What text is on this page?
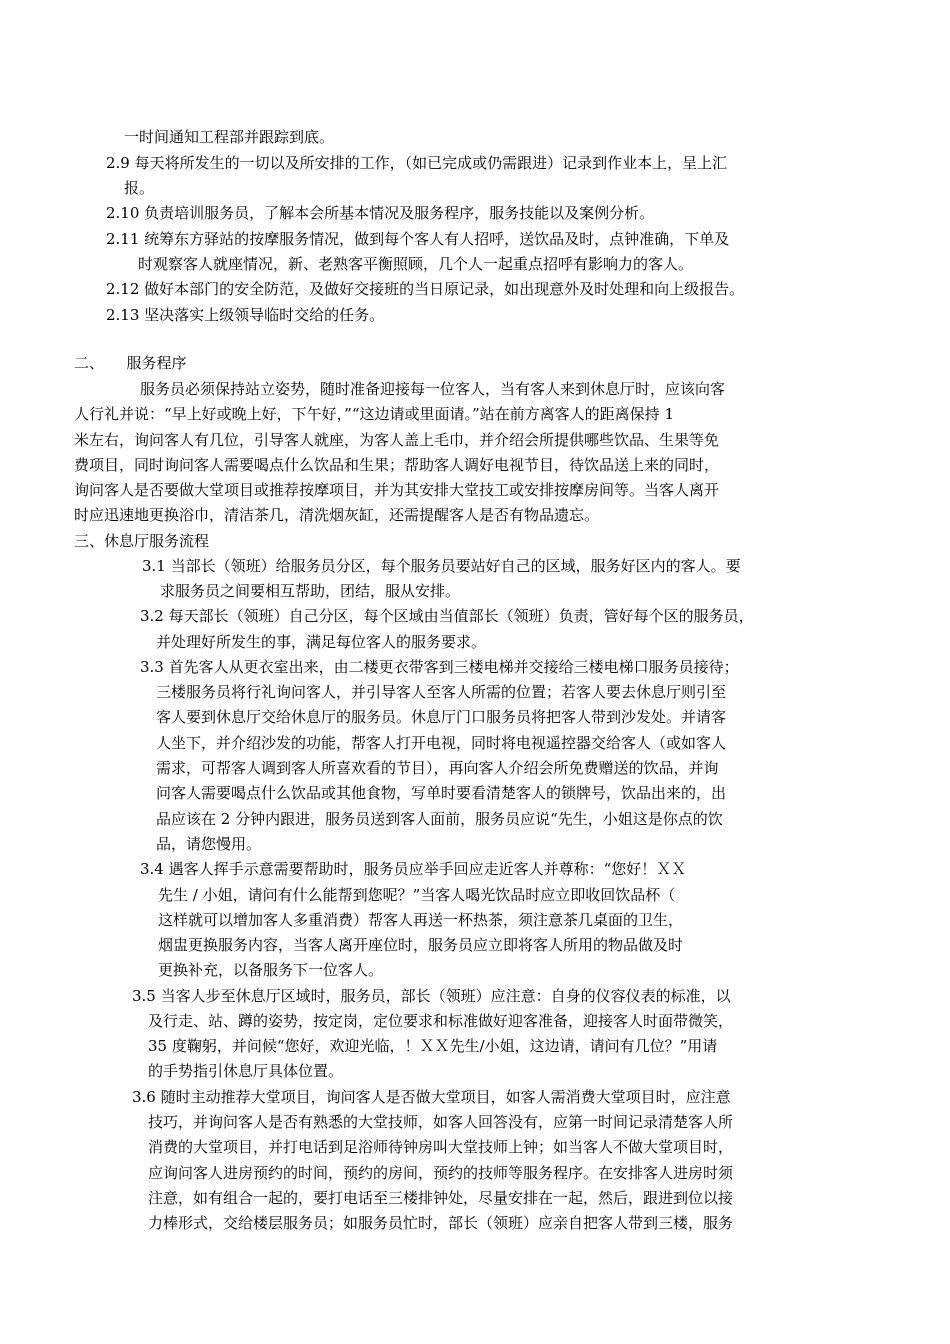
一时间通知工程部并跟踪到底。
2.9 每天将所发生的一切以及所安排的工作，（如已完成或仍需跟进）记录到作业本上，呈上汇
报。
2.10 负责培训服务员，了解本会所基本情况及服务程序，服务技能以及案例分析。
2.11 统筹东方驿站的按摩服务情况，做到每个客人有人招呼，送饮品及时，点钟准确，下单及
时观察客人就座情况，新、老熟客平衡照顾，几个人一起重点招呼有影响力的客人。
2.12 做好本部门的安全防范，及做好交接班的当日原记录，如出现意外及时处理和向上级报告。
2.13 坚决落实上级领导临时交给的任务。
二、　　服务程序
服务员必须保持站立姿势，随时准备迎接每一位客人，当有客人来到休息厅时，应该向客
人行礼并说：“早上好或晚上好，下午好，”“这边请或里面请。”站在前方离客人的距离保持 1
米左右，询问客人有几位，引导客人就座，为客人盖上毛巾，并介绍会所提供哪些饮品、生果等免
费项目，同时询问客人需要喝点什么饮品和生果；帮助客人调好电视节目，待饮品送上来的同时，
询问客人是否要做大堂项目或推荐按摩项目，并为其安排大堂技工或安排按摩房间等。当客人离开
时应迅速地更换浴巾，清洁茶几，清洗烟灰缸，还需提醒客人是否有物品遗忘。
三、休息厅服务流程
3.1 当部长（领班）给服务员分区，每个服务员要站好自己的区域，服务好区内的客人。要
求服务员之间要相互帮助，团结，服从安排。
3.2 每天部长（领班）自己分区，每个区域由当值部长（领班）负责，管好每个区的服务员，
并处理好所发生的事，满足每位客人的服务要求。
3.3 首先客人从更衣室出来，由二楼更衣带客到三楼电梯并交接给三楼电梯口服务员接待；
三楼服务员将行礼询问客人，并引导客人至客人所需的位置；若客人要去休息厅则引至
客人要到休息厅交给休息厅的服务员。休息厅门口服务员将把客人带到沙发处。并请客
人坐下，并介绍沙发的功能，帮客人打开电视，同时将电视遥控器交给客人（或如客人
需求，可帮客人调到客人所喜欢看的节目），再向客人介绍会所免费赠送的饮品，并询
问客人需要喝点什么饮品或其他食物，写单时要看清楚客人的锁牌号，饮品出来的，出
品应该在 2 分钟内跟进，服务员送到客人面前，服务员应说“先生，小姐这是你点的饮
品，请您慢用。
3.4 遇客人挥手示意需要帮助时，服务员应举手回应走近客人并尊称：“您好！ＸＸ
先生 / 小姐，请问有什么能帮到您呢？”当客人喝光饮品时应立即收回饮品杯（
这样就可以增加客人多重消费）帮客人再送一杯热茶，须注意茶几桌面的卫生，
烟盅更换服务内容，当客人离开座位时，服务员应立即将客人所用的物品做及时
更换补充，以备服务下一位客人。
3.5 当客人步至休息厅区域时，服务员，部长（领班）应注意：自身的仪容仪表的标准，以
及行走、站、蹲的姿势，按定岗，定位要求和标准做好迎客准备，迎接客人时面带微笑，
35 度鞠躬，并问候“您好，欢迎光临，！ＸＸ先生/小姐，这边请，请问有几位？”用请
的手势指引休息厅具体位置。
3.6 随时主动推荐大堂项目，询问客人是否做大堂项目，如客人需消费大堂项目时，应注意
技巧，并询问客人是否有熟悉的大堂技师，如客人回答没有，应第一时间记录清楚客人所
消费的大堂项目，并打电话到足浴师待钟房叫大堂技师上钟；如当客人不做大堂项目时，
应询问客人进房预约的时间，预约的房间，预约的技师等服务程序。在安排客人进房时须
注意，如有组合一起的，要打电话至三楼排钟处，尽量安排在一起，然后，跟进到位以接
力棒形式，交给楼层服务员；如服务员忙时，部长（领班）应亲自把客人带到三楼，服务
